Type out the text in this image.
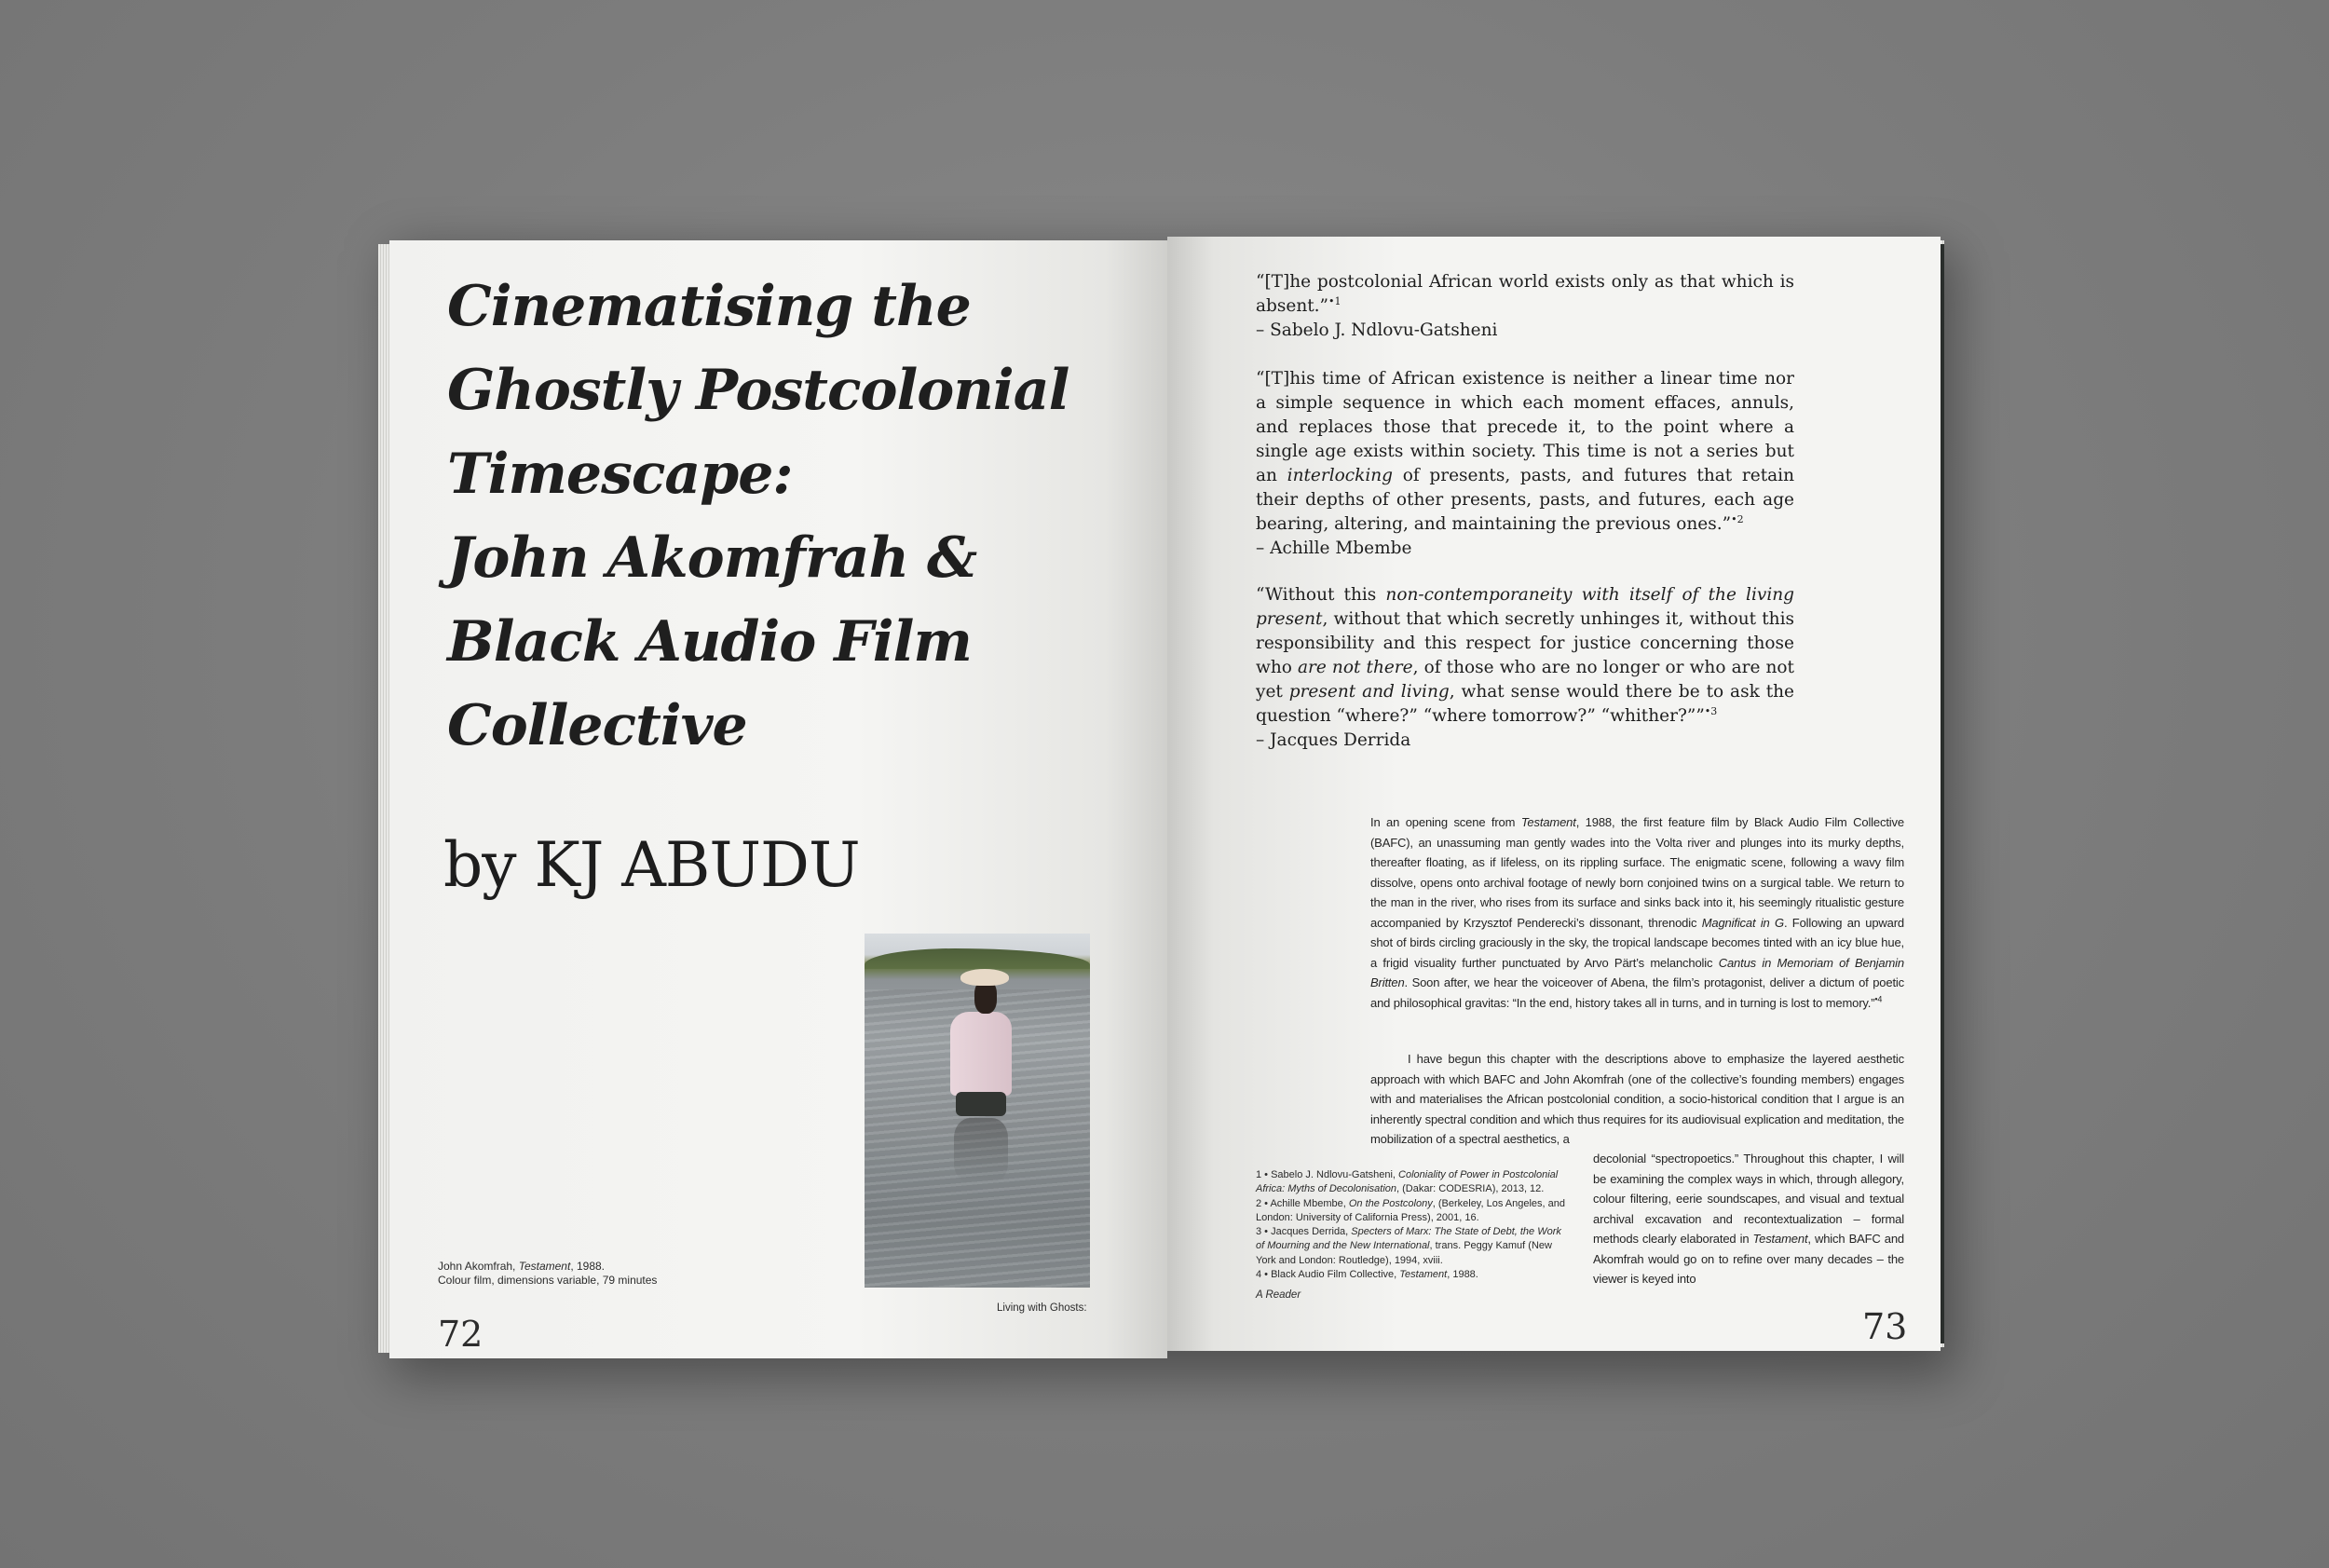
Cinematising the
Ghostly Postcolonial
Timescape:
John Akomfrah &
Black Audio Film
Collective
by KJ ABUDU
John Akomfrah, Testament, 1988.
Colour film, dimensions variable, 79 minutes
Living with Ghosts:
72

“[T]he postcolonial African world exists only as that which is absent.”$^{•1}$
– Sabelo J. Ndlovu-Gatsheni

“[T]his time of African existence is neither a linear time nor a simple sequence in which each moment effaces, annuls, and replaces those that precede it, to the point where a single age exists within society. This time is not a series but an interlocking of presents, pasts, and futures that retain their depths of other presents, pasts, and futures, each age bearing, altering, and maintaining the previous ones.”$^{•2}$
– Achille Mbembe

“Without this non-contemporaneity with itself of the living present, without that which secretly unhinges it, without this responsibility and this respect for justice concerning those who are not there, of those who are no longer or who are not yet present and living, what sense would there be to ask the question “where?” “where tomorrow?” “whither?””$^{•3}$
– Jacques Derrida

In an opening scene from Testament, 1988, the first feature film by Black Audio Film Collective (BAFC), an unassuming man gently wades into the Volta river and plunges into its murky depths, thereafter floating, as if lifeless, on its rippling surface. The enigmatic scene, following a wavy film dissolve, opens onto archival footage of newly born conjoined twins on a surgical table. We return to the man in the river, who rises from its surface and sinks back into it, his seemingly ritualistic gesture accompanied by Krzysztof Penderecki’s dissonant, threnodic Magnificat in G. Following an upward shot of birds circling graciously in the sky, the tropical landscape becomes tinted with an icy blue hue, a frigid visuality further punctuated by Arvo Pärt’s melancholic Cantus in Memoriam of Benjamin Britten. Soon after, we hear the voiceover of Abena, the film’s protagonist, deliver a dictum of poetic and philosophical gravitas: “In the end, history takes all in turns, and in turning is lost to memory.”$^{•4}$

I have begun this chapter with the descriptions above to emphasize the layered aesthetic approach with which BAFC and John Akomfrah (one of the collective’s founding members) engages with and materialises the African postcolonial condition, a socio-historical condition that I argue is an inherently spectral condition and which thus requires for its audiovisual explication and meditation, the mobilization of a spectral aesthetics, a

decolonial “spectropoetics.” Throughout this chapter, I will be examining the complex ways in which, through allegory, colour filtering, eerie soundscapes, and visual and textual archival excavation and recontextualization – formal methods clearly elaborated in Testament, which BAFC and Akomfrah would go on to refine over many decades – the viewer is keyed into

1 • Sabelo J. Ndlovu-Gatsheni, Coloniality of Power in Postcolonial Africa: Myths of Decolonisation, (Dakar: CODESRIA), 2013, 12.
2 • Achille Mbembe, On the Postcolony, (Berkeley, Los Angeles, and London: University of California Press), 2001, 16.
3 • Jacques Derrida, Specters of Marx: The State of Debt, the Work of Mourning and the New International, trans. Peggy Kamuf (New York and London: Routledge), 1994, xviii.
4 • Black Audio Film Collective, Testament, 1988.
A Reader
73
